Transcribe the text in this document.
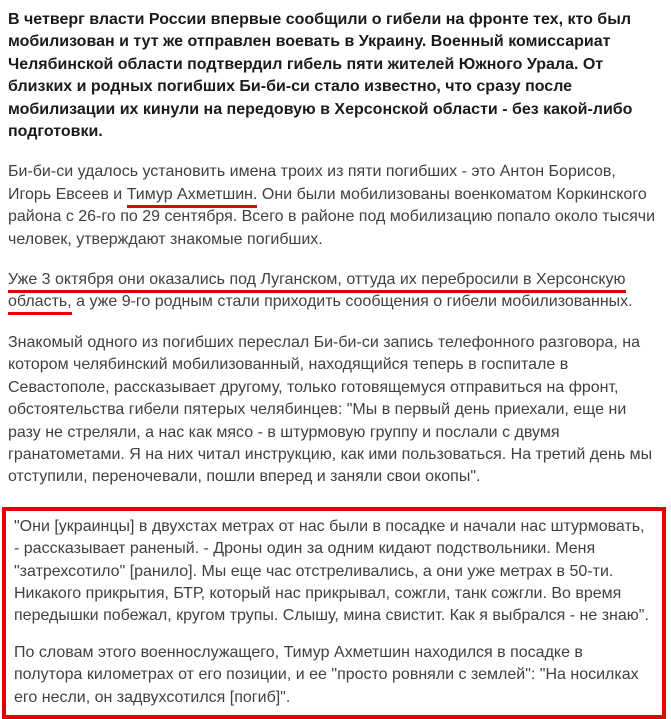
В четверг власти России впервые сообщили о гибели на фронте тех, кто был мобилизован и тут же отправлен воевать в Украину. Военный комиссариат Челябинской области подтвердил гибель пяти жителей Южного Урала. От близких и родных погибших Би-би-си стало известно, что сразу после мобилизации их кинули на передовую в Херсонской области - без какой-либо подготовки.

Би-би-си удалось установить имена троих из пяти погибших - это Антон Борисов, Игорь Евсеев и Тимур Ахметшин. Они были мобилизованы военкоматом Коркинского района с 26-го по 29 сентября. Всего в районе под мобилизацию попало около тысячи человек, утверждают знакомые погибших.

Уже 3 октября они оказались под Луганском, оттуда их перебросили в Херсонскую область, а уже 9-го родным стали приходить сообщения о гибели мобилизованных.

Знакомый одного из погибших переслал Би-би-си запись телефонного разговора, на котором челябинский мобилизованный, находящийся теперь в госпитале в Севастополе, рассказывает другому, только готовящемуся отправиться на фронт, обстоятельства гибели пятерых челябинцев: "Мы в первый день приехали, еще ни разу не стреляли, а нас как мясо - в штурмовую группу и послали с двумя гранатометами. Я на них читал инструкцию, как ими пользоваться. На третий день мы отступили, переночевали, пошли вперед и заняли свои окопы".

"Они [украинцы] в двухстах метрах от нас были в посадке и начали нас штурмовать, - рассказывает раненый. - Дроны один за одним кидают подствольники. Меня "затрехсотило" [ранило]. Мы еще час отстреливались, а они уже метрах в 50-ти. Никакого прикрытия, БТР, который нас прикрывал, сожгли, танк сожгли. Во время передышки побежал, кругом трупы. Слышу, мина свистит. Как я выбрался - не знаю".

По словам этого военнослужащего, Тимур Ахметшин находился в посадке в полутора километрах от его позиции, и ее "просто ровняли с землей": "На носилках его несли, он задвухсотился [погиб]".
